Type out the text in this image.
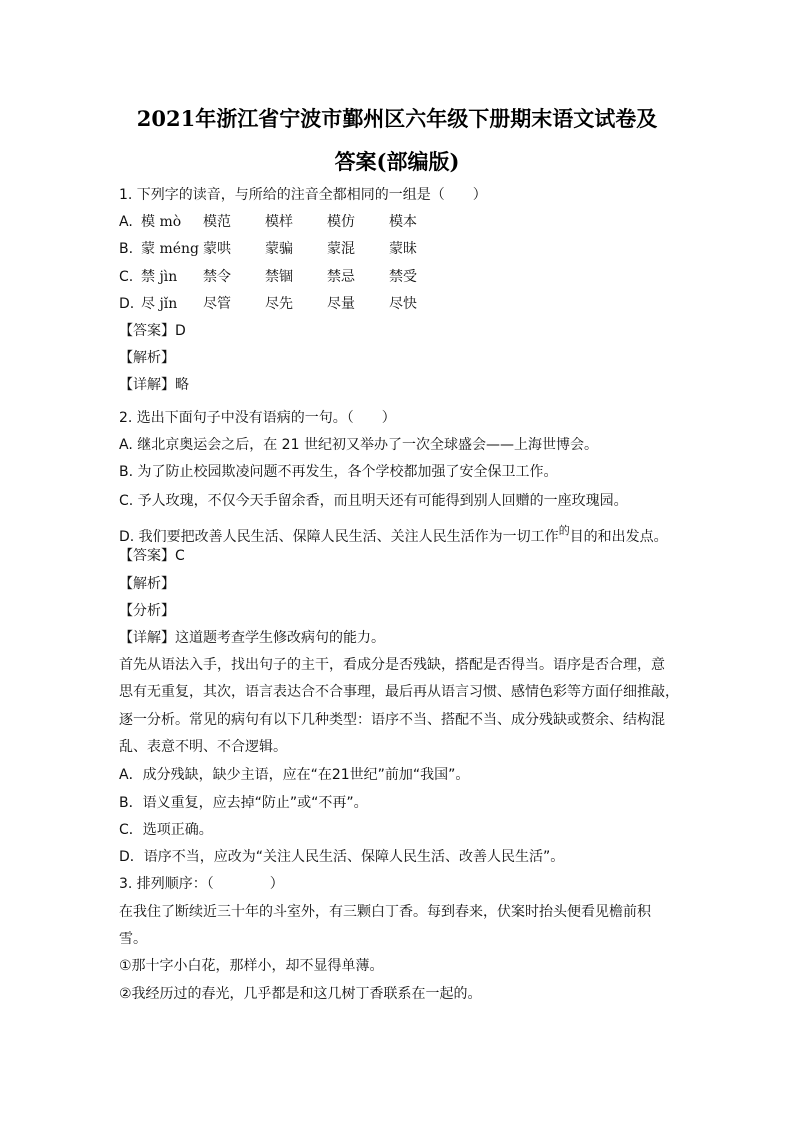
2021年浙江省宁波市鄞州区六年级下册期末语文试卷及
答案(部编版)
1. 下列字的读音，与所给的注音全都相同的一组是（　　）
A. 模 mò 模范 模样 模仿 模本
B. 蒙 méng 蒙哄 蒙骗 蒙混 蒙昧
C. 禁 jìn 禁令 禁锢 禁忌 禁受
D. 尽 jǐn 尽管 尽先 尽量 尽快
【答案】D
【解析】
【详解】略
2. 选出下面句子中没有语病的一句。（　　）
A. 继北京奥运会之后，在 21 世纪初又举办了一次全球盛会——上海世博会。
B. 为了防止校园欺凌问题不再发生，各个学校都加强了安全保卫工作。
C. 予人玫瑰，不仅今天手留余香，而且明天还有可能得到别人回赠的一座玫瑰园。
D. 我们要把改善人民生活、保障人民生活、关注人民生活作为一切工作$^的$目的和出发点。
【答案】C
【解析】
【分析】
【详解】这道题考查学生修改病句的能力。
首先从语法入手，找出句子的主干，看成分是否残缺，搭配是否得当。语序是否合理，意
思有无重复，其次，语言表达合不合事理，最后再从语言习惯、感情色彩等方面仔细推敲，
逐一分析。常见的病句有以下几种类型：语序不当、搭配不当、成分残缺或赘余、结构混
乱、表意不明、不合逻辑。
A．成分残缺，缺少主语，应在“在21世纪”前加“我国”。
B．语义重复，应去掉“防止”或“不再”。
C．选项正确。
D．语序不当，应改为“关注人民生活、保障人民生活、改善人民生活”。
3. 排列顺序：（　　　　）
在我住了断续近三十年的斗室外，有三颗白丁香。每到春来，伏案时抬头便看见檐前积
雪。
①那十字小白花，那样小，却不显得单薄。
②我经历过的春光，几乎都是和这几树丁香联系在一起的。
